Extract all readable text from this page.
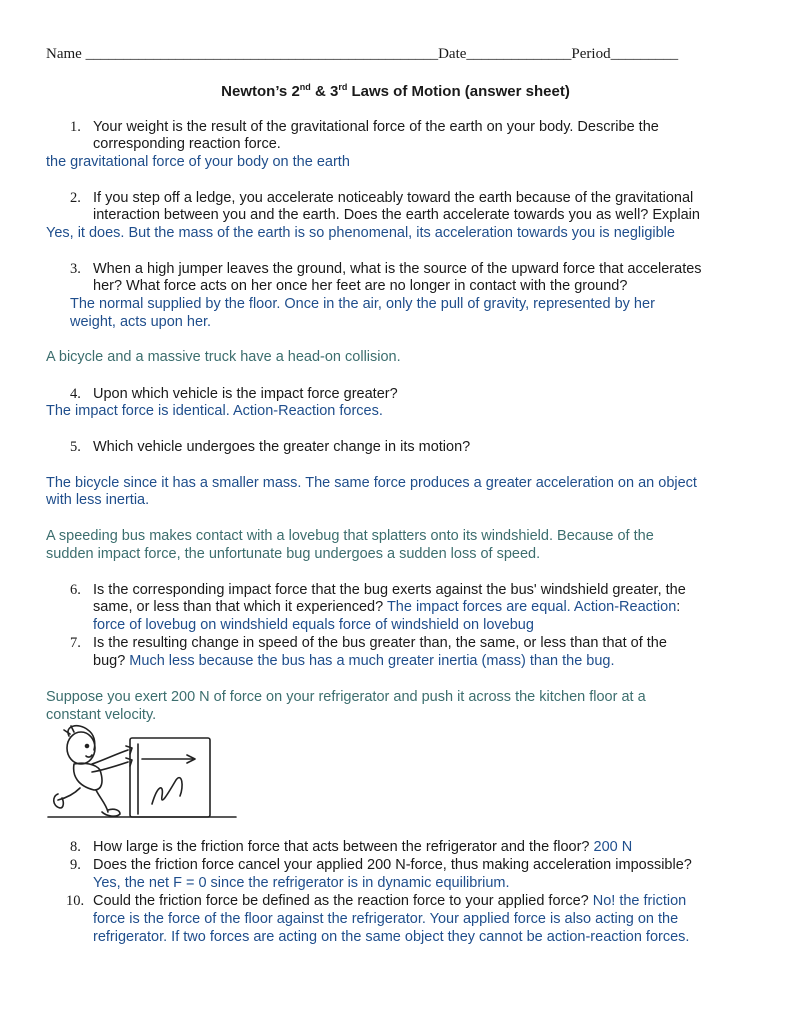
Name _______________________________________________Date______________Period_________
Newton’s 2nd & 3rd Laws of Motion (answer sheet)
1. Your weight is the result of the gravitational force of the earth on your body. Describe the
corresponding reaction force.
the gravitational force of your body on the earth
2. If you step off a ledge, you accelerate noticeably toward the earth because of the gravitational
interaction between you and the earth. Does the earth accelerate towards you as well? Explain
Yes, it does. But the mass of the earth is so phenomenal, its acceleration towards you is negligible
3. When a high jumper leaves the ground, what is the source of the upward force that accelerates
her? What force acts on her once her feet are no longer in contact with the ground?
The normal supplied by the floor. Once in the air, only the pull of gravity, represented by her
weight, acts upon her.
A bicycle and a massive truck have a head-on collision.
4. Upon which vehicle is the impact force greater?
The impact force is identical. Action-Reaction forces.
5. Which vehicle undergoes the greater change in its motion?
The bicycle since it has a smaller mass. The same force produces a greater acceleration on an object
with less inertia.
A speeding bus makes contact with a lovebug that splatters onto its windshield. Because of the
sudden impact force, the unfortunate bug undergoes a sudden loss of speed.
6. Is the corresponding impact force that the bug exerts against the bus' windshield greater, the
same, or less than that which it experienced? The impact forces are equal. Action-Reaction:
force of lovebug on windshield equals force of windshield on lovebug
7. Is the resulting change in speed of the bus greater than, the same, or less than that of the
bug? Much less because the bus has a much greater inertia (mass) than the bug.
Suppose you exert 200 N of force on your refrigerator and push it across the kitchen floor at a
constant velocity.
8. How large is the friction force that acts between the refrigerator and the floor? 200 N
9. Does the friction force cancel your applied 200 N-force, thus making acceleration impossible?
Yes, the net F = 0 since the refrigerator is in dynamic equilibrium.
10. Could the friction force be defined as the reaction force to your applied force? No! the friction
force is the force of the floor against the refrigerator. Your applied force is also acting on the
refrigerator. If two forces are acting on the same object they cannot be action-reaction forces.
